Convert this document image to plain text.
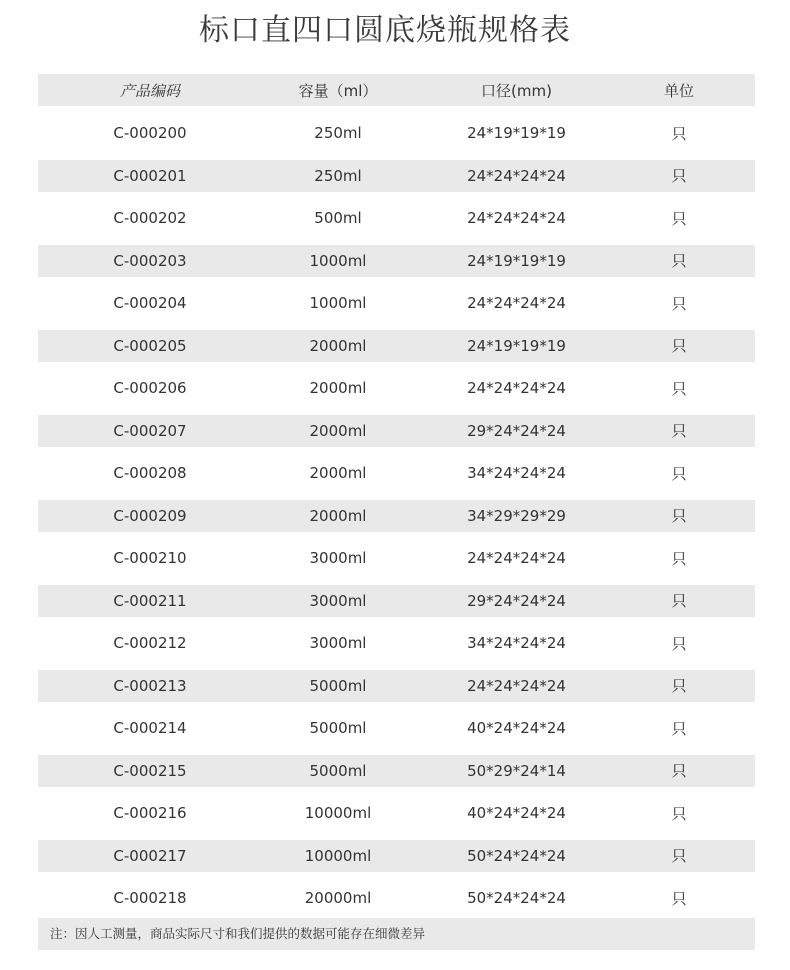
标口直四口圆底烧瓶规格表
产品编码	容量（ml）	口径(mm)	单位
C-000200	250ml	24*19*19*19	只
C-000201	250ml	24*24*24*24	只
C-000202	500ml	24*24*24*24	只
C-000203	1000ml	24*19*19*19	只
C-000204	1000ml	24*24*24*24	只
C-000205	2000ml	24*19*19*19	只
C-000206	2000ml	24*24*24*24	只
C-000207	2000ml	29*24*24*24	只
C-000208	2000ml	34*24*24*24	只
C-000209	2000ml	34*29*29*29	只
C-000210	3000ml	24*24*24*24	只
C-000211	3000ml	29*24*24*24	只
C-000212	3000ml	34*24*24*24	只
C-000213	5000ml	24*24*24*24	只
C-000214	5000ml	40*24*24*24	只
C-000215	5000ml	50*29*24*14	只
C-000216	10000ml	40*24*24*24	只
C-000217	10000ml	50*24*24*24	只
C-000218	20000ml	50*24*24*24	只
注：因人工测量，商品实际尺寸和我们提供的数据可能存在细微差异
